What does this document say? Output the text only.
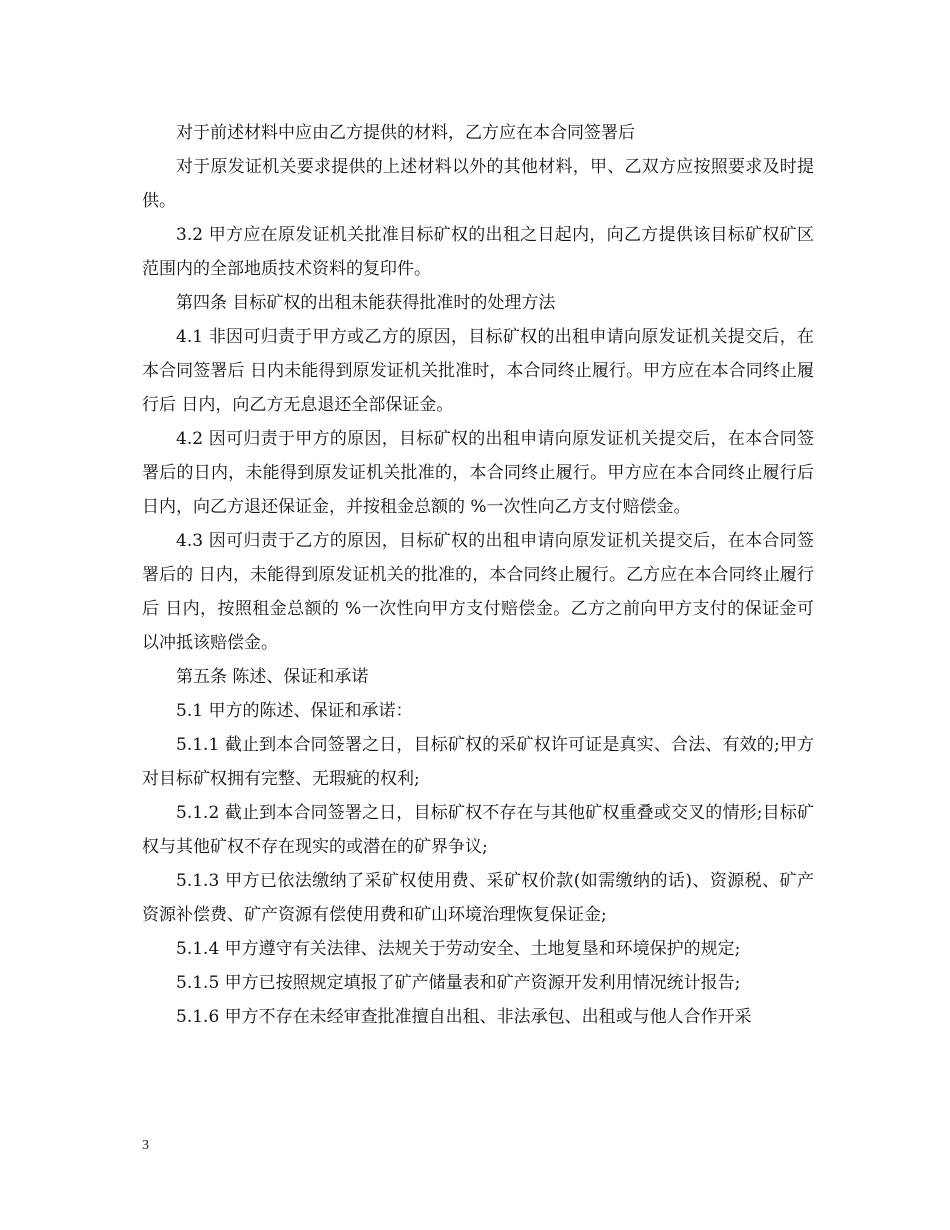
对于前述材料中应由乙方提供的材料，乙方应在本合同签署后

对于原发证机关要求提供的上述材料以外的其他材料，甲、乙双方应按照要求及时提供。

3.2 甲方应在原发证机关批准目标矿权的出租之日起内，向乙方提供该目标矿权矿区范围内的全部地质技术资料的复印件。

第四条 目标矿权的出租未能获得批准时的处理方法

4.1 非因可归责于甲方或乙方的原因，目标矿权的出租申请向原发证机关提交后，在本合同签署后 日内未能得到原发证机关批准时，本合同终止履行。甲方应在本合同终止履行后 日内，向乙方无息退还全部保证金。

4.2 因可归责于甲方的原因，目标矿权的出租申请向原发证机关提交后，在本合同签署后的日内，未能得到原发证机关批准的，本合同终止履行。甲方应在本合同终止履行后 日内，向乙方退还保证金，并按租金总额的 %一次性向乙方支付赔偿金。

4.3 因可归责于乙方的原因，目标矿权的出租申请向原发证机关提交后，在本合同签署后的 日内，未能得到原发证机关的批准的，本合同终止履行。乙方应在本合同终止履行后 日内，按照租金总额的 %一次性向甲方支付赔偿金。乙方之前向甲方支付的保证金可以冲抵该赔偿金。

第五条 陈述、保证和承诺

5.1 甲方的陈述、保证和承诺：

5.1.1 截止到本合同签署之日，目标矿权的采矿权许可证是真实、合法、有效的;甲方对目标矿权拥有完整、无瑕疵的权利;

5.1.2 截止到本合同签署之日，目标矿权不存在与其他矿权重叠或交叉的情形;目标矿权与其他矿权不存在现实的或潜在的矿界争议;

5.1.3 甲方已依法缴纳了采矿权使用费、采矿权价款(如需缴纳的话)、资源税、矿产资源补偿费、矿产资源有偿使用费和矿山环境治理恢复保证金;

5.1.4 甲方遵守有关法律、法规关于劳动安全、土地复垦和环境保护的规定;

5.1.5 甲方已按照规定填报了矿产储量表和矿产资源开发利用情况统计报告;

5.1.6 甲方不存在未经审查批准擅自出租、非法承包、出租或与他人合作开采

3
